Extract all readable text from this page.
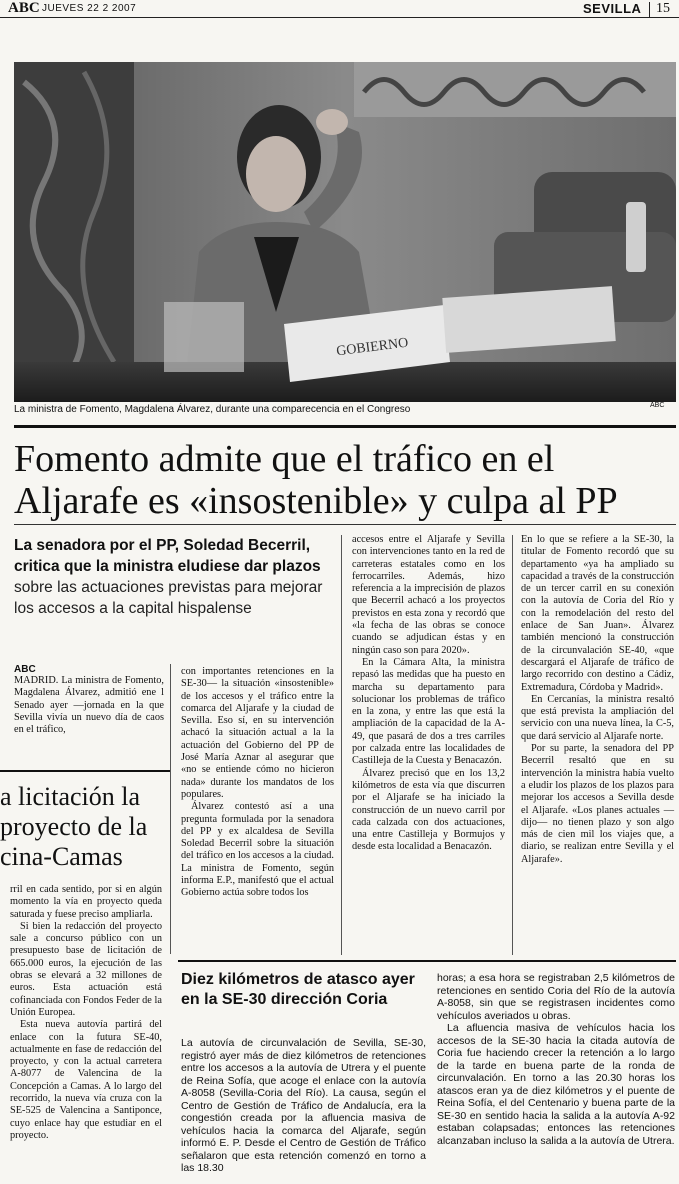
ABC JUEVES 22 2 2007	SEVILLA 15
GOBIERNO
La ministra de Fomento, Magdalena Álvarez, durante una comparecencia en el Congreso	ABC
Fomento admite que el tráfico en el Aljarafe es «insostenible» y culpa al PP
La senadora por el PP, Soledad Becerril, critica que la ministra eludiese dar plazos
sobre las actuaciones previstas para mejorar los accesos a la capital hispalense
ABC

MADRID. La ministra de Fomento, Magdalena Álvarez, admitió ene l Senado ayer —jornada en la que Sevilla vivía un nuevo día de caos en el tráfico,

con importantes retenciones en la SE-30— la situación «insostenible» de los accesos y el tráfico entre la comarca del Aljarafe y la ciudad de Sevilla. Eso sí, en su intervención achacó la situación actual a la la actuación del Gobierno del PP de José María Aznar al asegurar que «no se entiende cómo no hicieron nada» durante los mandatos de los populares.

Álvarez contestó así a una pregunta formulada por la senadora del PP y ex alcaldesa de Sevilla Soledad Becerril sobre la situación del tráfico en los accesos a la ciudad. La ministra de Fomento, según informa E.P., manifestó que el actual Gobierno actúa sobre todos los

accesos entre el Aljarafe y Sevilla con intervenciones tanto en la red de carreteras estatales como en los ferrocarriles. Además, hizo referencia a la imprecisión de plazos que Becerril achacó a los proyectos previstos en esta zona y recordó que «la fecha de las obras se conoce cuando se adjudican éstas y en ningún caso son para 2020».

En la Cámara Alta, la ministra repasó las medidas que ha puesto en marcha su departamento para solucionar los problemas de tráfico en la zona, y entre las que está la ampliación de la capacidad de la A-49, que pasará de dos a tres carriles por calzada entre las localidades de Castilleja de la Cuesta y Benacazón.

Álvarez precisó que en los 13,2 kilómetros de esta vía que discurren por el Aljarafe se ha iniciado la construcción de un nuevo carril por cada calzada con dos actuaciones, una entre Castilleja y Bormujos y desde esta localidad a Benacazón.

En lo que se refiere a la SE-30, la titular de Fomento recordó que su departamento «ya ha ampliado su capacidad a través de la construcción de un tercer carril en su conexión con la autovía de Coria del Río y con la remodelación del resto del enlace de San Juan». Álvarez también mencionó la construcción de la circunvalación SE-40, «que descargará el Aljarafe de tráfico de largo recorrido con destino a Cádiz, Extremadura, Córdoba y Madrid».

En Cercanías, la ministra resaltó que está prevista la ampliación del servicio con una nueva línea, la C-5, que dará servicio al Aljarafe norte.

Por su parte, la senadora del PP Becerril resaltó que en su intervención la ministra había vuelto a eludir los plazos de los plazos para mejorar los accesos a Sevilla desde el Aljarafe. «Los planes actuales —dijo— no tienen plazo y son algo más de cien mil los viajes que, a diario, se realizan entre Sevilla y el Aljarafe».

a licitación la proyecto de la cina-Camas

rril en cada sentido, por si en algún momento la vía en proyecto queda saturada y fuese preciso ampliarla.

Si bien la redacción del proyecto sale a concurso público con un presupuesto base de licitación de 665.000 euros, la ejecución de las obras se elevará a 32 millones de euros. Esta actuación está cofinanciada con Fondos Feder de la Unión Europea.

Esta nueva autovía partirá del enlace con la futura SE-40, actualmente en fase de redacción del proyecto, y con la actual carretera A-8077 de Valencina de la Concepción a Camas. A lo largo del recorrido, la nueva vía cruza con la SE-525 de Valencina a Santiponce, cuyo enlace hay que estudiar en el proyecto.

Diez kilómetros de atasco ayer en la SE-30 dirección Coria

La autovía de circunvalación de Sevilla, SE-30, registró ayer más de diez kilómetros de retenciones entre los accesos a la autovía de Utrera y el puente de Reina Sofía, que acoge el enlace con la autovía A-8058 (Sevilla-Coria del Río). La causa, según el Centro de Gestión de Tráfico de Andalucía, era la congestión creada por la afluencia masiva de vehículos hacia la comarca del Aljarafe, según informó E. P. Desde el Centro de Gestión de Tráfico señalaron que esta retención comenzó en torno a las 18.30

horas; a esa hora se registraban 2,5 kilómetros de retenciones en sentido Coria del Río de la autovía A-8058, sin que se registrasen incidentes como vehículos averiados u obras.

La afluencia masiva de vehículos hacia los accesos de la SE-30 hacia la citada autovía de Coria fue haciendo crecer la retención a lo largo de la tarde en buena parte de la ronda de circunvalación. En torno a las 20.30 horas los atascos eran ya de diez kilómetros y el puente de Reina Sofía, el del Centenario y buena parte de la SE-30 en sentido hacia la salida a la autovía A-92 estaban colapsadas; entonces las retenciones alcanzaban incluso la salida a la autovía de Utrera.
